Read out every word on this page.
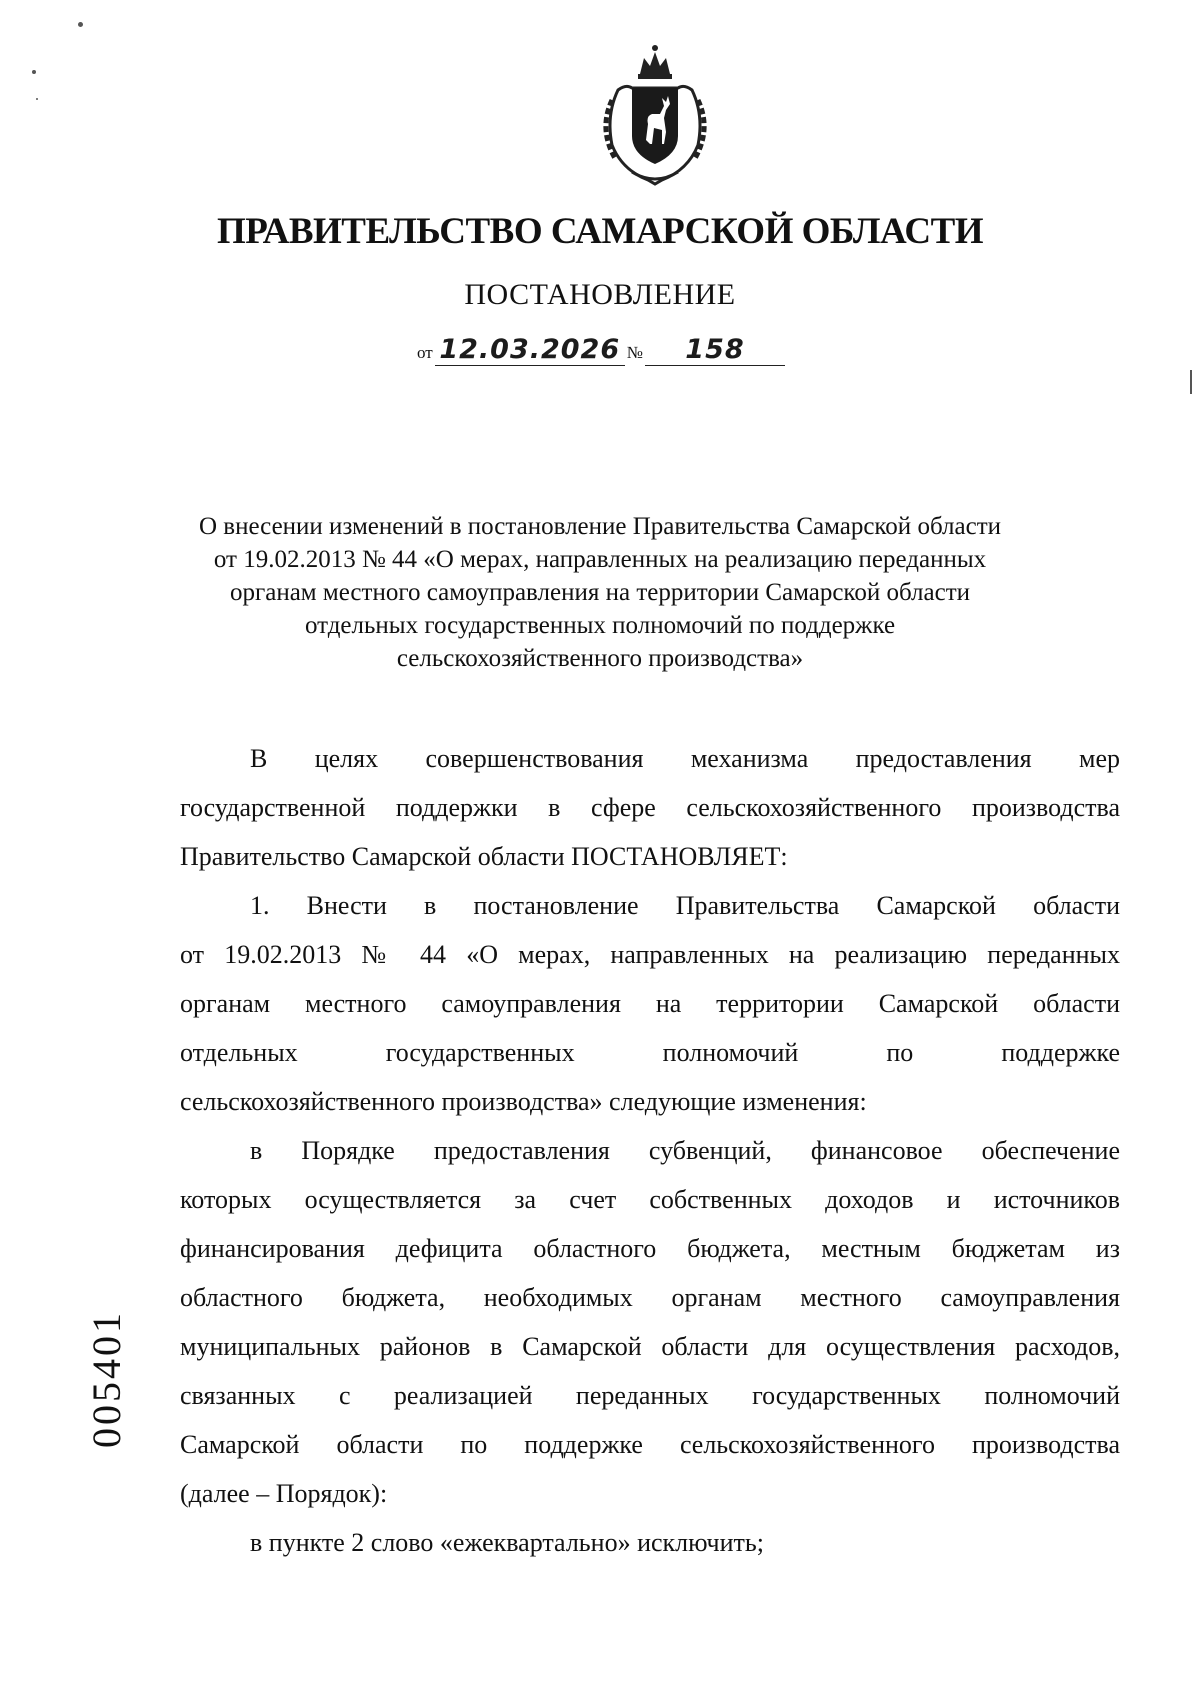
ПРАВИТЕЛЬСТВО САМАРСКОЙ ОБЛАСТИ
ПОСТАНОВЛЕНИЕ
от 12.03.2026 № 158
О внесении изменений в постановление Правительства Самарской области
от 19.02.2013 № 44 «О мерах, направленных на реализацию переданных
органам местного самоуправления на территории Самарской области
отдельных государственных полномочий по поддержке
сельскохозяйственного производства»
В целях совершенствования механизма предоставления мер
государственной поддержки в сфере сельскохозяйственного производства
Правительство Самарской области ПОСТАНОВЛЯЕТ:
1. Внести в постановление Правительства Самарской области
от 19.02.2013 № 44 «О мерах, направленных на реализацию переданных
органам местного самоуправления на территории Самарской области
отдельных государственных полномочий по поддержке
сельскохозяйственного производства» следующие изменения:
в Порядке предоставления субвенций, финансовое обеспечение
которых осуществляется за счет собственных доходов и источников
финансирования дефицита областного бюджета, местным бюджетам из
областного бюджета, необходимых органам местного самоуправления
муниципальных районов в Самарской области для осуществления расходов,
связанных с реализацией переданных государственных полномочий
Самарской области по поддержке сельскохозяйственного производства
(далее – Порядок):
в пункте 2 слово «ежеквартально» исключить;
005401
